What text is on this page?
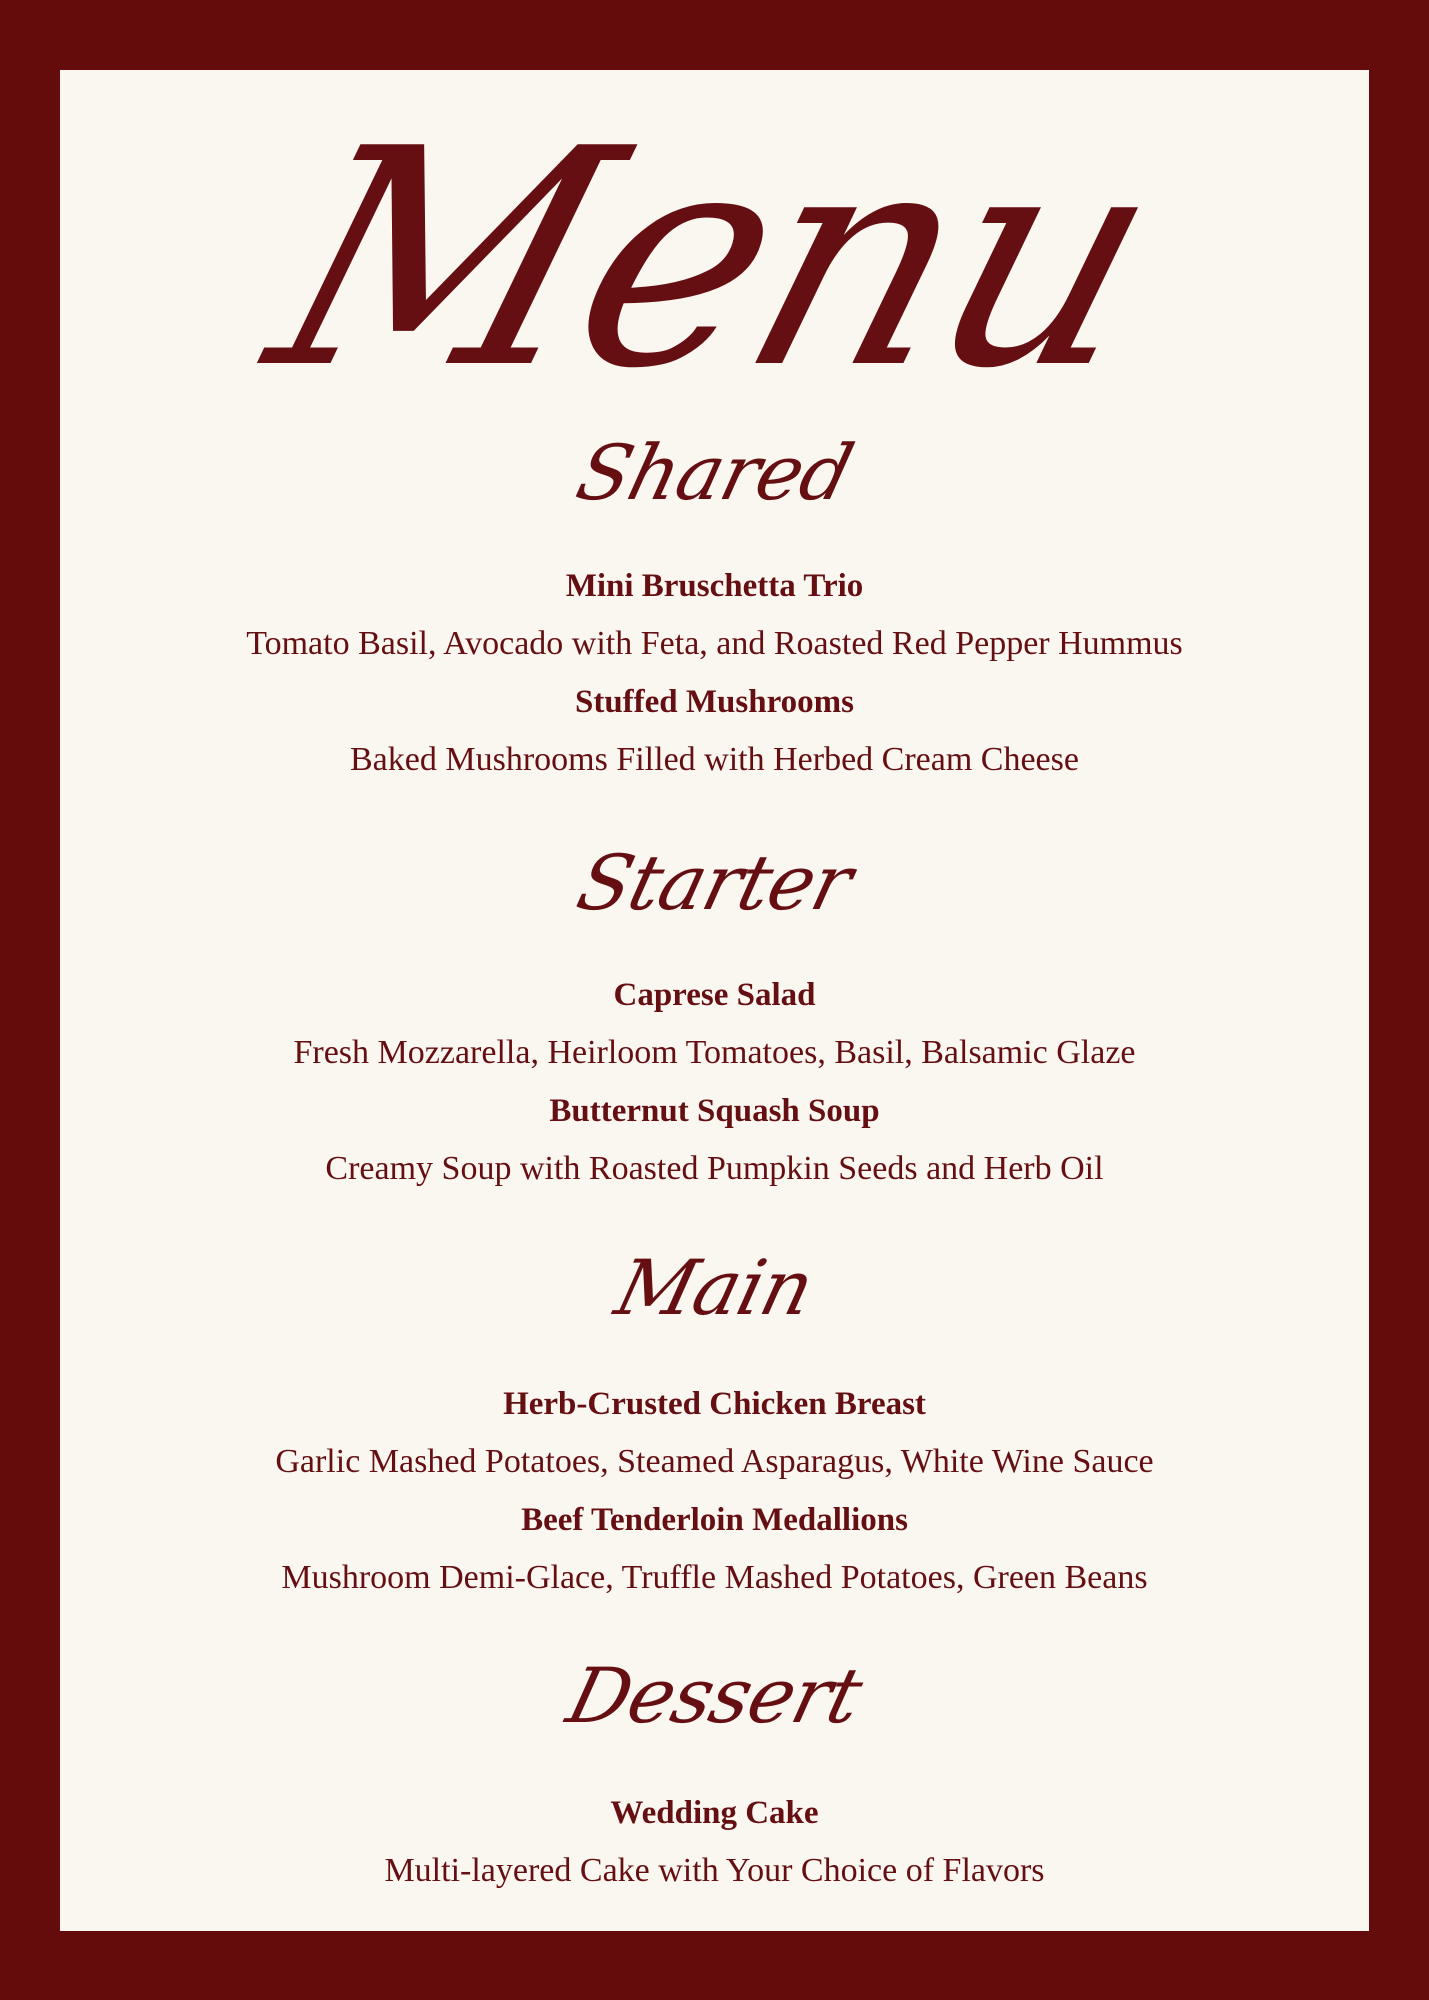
Menu
Shared
Mini Bruschetta Trio
Tomato Basil, Avocado with Feta, and Roasted Red Pepper Hummus
Stuffed Mushrooms
Baked Mushrooms Filled with Herbed Cream Cheese
Starter
Caprese Salad
Fresh Mozzarella, Heirloom Tomatoes, Basil, Balsamic Glaze
Butternut Squash Soup
Creamy Soup with Roasted Pumpkin Seeds and Herb Oil
Main
Herb-Crusted Chicken Breast
Garlic Mashed Potatoes, Steamed Asparagus, White Wine Sauce
Beef Tenderloin Medallions
Mushroom Demi-Glace, Truffle Mashed Potatoes, Green Beans
Dessert
Wedding Cake
Multi-layered Cake with Your Choice of Flavors
